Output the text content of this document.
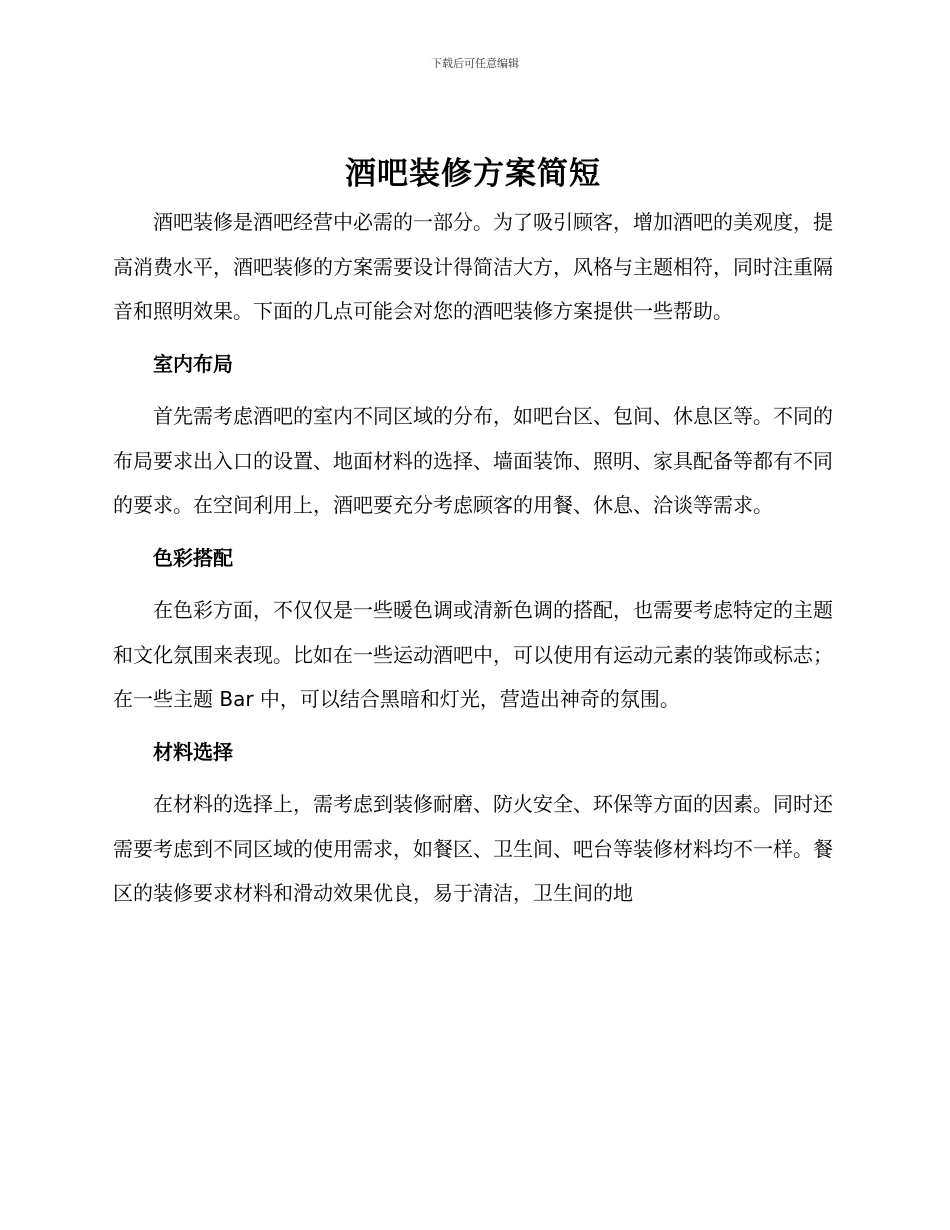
下载后可任意编辑
酒吧装修方案简短

酒吧装修是酒吧经营中必需的一部分。为了吸引顾客，增加酒吧的美观度，提高消费水平，酒吧装修的方案需要设计得简洁大方，风格与主题相符，同时注重隔音和照明效果。下面的几点可能会对您的酒吧装修方案提供一些帮助。

室内布局

首先需考虑酒吧的室内不同区域的分布，如吧台区、包间、休息区等。不同的布局要求出入口的设置、地面材料的选择、墙面装饰、照明、家具配备等都有不同的要求。在空间利用上，酒吧要充分考虑顾客的用餐、休息、洽谈等需求。

色彩搭配

在色彩方面，不仅仅是一些暖色调或清新色调的搭配，也需要考虑特定的主题和文化氛围来表现。比如在一些运动酒吧中，可以使用有运动元素的装饰或标志；在一些主题 Bar 中，可以结合黑暗和灯光，营造出神奇的氛围。

材料选择

在材料的选择上，需考虑到装修耐磨、防火安全、环保等方面的因素。同时还需要考虑到不同区域的使用需求，如餐区、卫生间、吧台等装修材料均不一样。餐区的装修要求材料和滑动效果优良，易于清洁，卫生间的地
